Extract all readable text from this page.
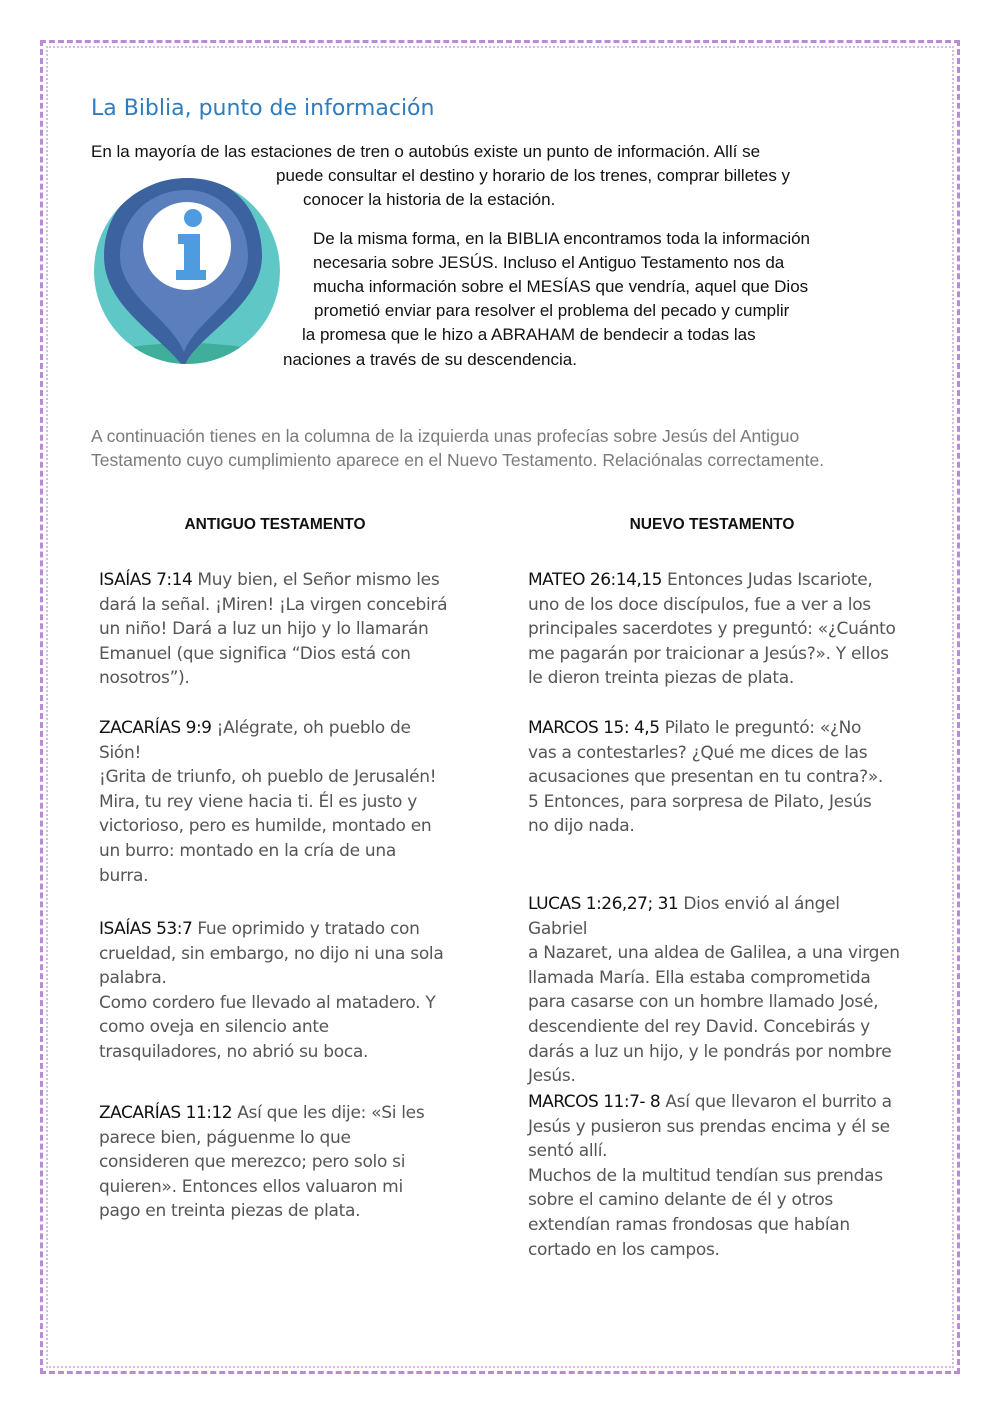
La Biblia, punto de información
En la mayoría de las estaciones de tren o autobús existe un punto de información. Allí se
puede consultar el destino y horario de los trenes, comprar billetes y
conocer la historia de la estación.
De la misma forma, en la BIBLIA encontramos toda la información
necesaria sobre JESÚS. Incluso el Antiguo Testamento nos da
mucha información sobre el MESÍAS que vendría, aquel que Dios
prometió enviar para resolver el problema del pecado y cumplir
la promesa que le hizo a ABRAHAM de bendecir a todas las
naciones a través de su descendencia.
A continuación tienes en la columna de la izquierda unas profecías sobre Jesús del Antiguo Testamento cuyo cumplimiento aparece en el Nuevo Testamento. Relaciónalas correctamente.
ANTIGUO TESTAMENTO	NUEVO TESTAMENTO
ISAÍAS 7:14 Muy bien, el Señor mismo les
dará la señal. ¡Miren! ¡La virgen concebirá
un niño! Dará a luz un hijo y lo llamarán
Emanuel (que significa “Dios está con
nosotros”).
ZACARÍAS 9:9 ¡Alégrate, oh pueblo de
Sión!
¡Grita de triunfo, oh pueblo de Jerusalén!
Mira, tu rey viene hacia ti. Él es justo y
victorioso, pero es humilde, montado en
un burro: montado en la cría de una
burra.
ISAÍAS 53:7 Fue oprimido y tratado con
crueldad, sin embargo, no dijo ni una sola
palabra.
Como cordero fue llevado al matadero. Y
como oveja en silencio ante
trasquiladores, no abrió su boca.
ZACARÍAS 11:12 Así que les dije: «Si les
parece bien, páguenme lo que
consideren que merezco; pero solo si
quieren». Entonces ellos valuaron mi
pago en treinta piezas de plata.
MATEO 26:14,15 Entonces Judas Iscariote,
uno de los doce discípulos, fue a ver a los
principales sacerdotes y preguntó: «¿Cuánto
me pagarán por traicionar a Jesús?». Y ellos
le dieron treinta piezas de plata.
MARCOS 15: 4,5 Pilato le preguntó: «¿No
vas a contestarles? ¿Qué me dices de las
acusaciones que presentan en tu contra?».
5 Entonces, para sorpresa de Pilato, Jesús
no dijo nada.
LUCAS 1:26,27; 31 Dios envió al ángel Gabriel
a Nazaret, una aldea de Galilea, a una virgen
llamada María. Ella estaba comprometida
para casarse con un hombre llamado José,
descendiente del rey David. Concebirás y
darás a luz un hijo, y le pondrás por nombre
Jesús.
MARCOS 11:7- 8 Así que llevaron el burrito a
Jesús y pusieron sus prendas encima y él se
sentó allí.
Muchos de la multitud tendían sus prendas
sobre el camino delante de él y otros
extendían ramas frondosas que habían
cortado en los campos.
